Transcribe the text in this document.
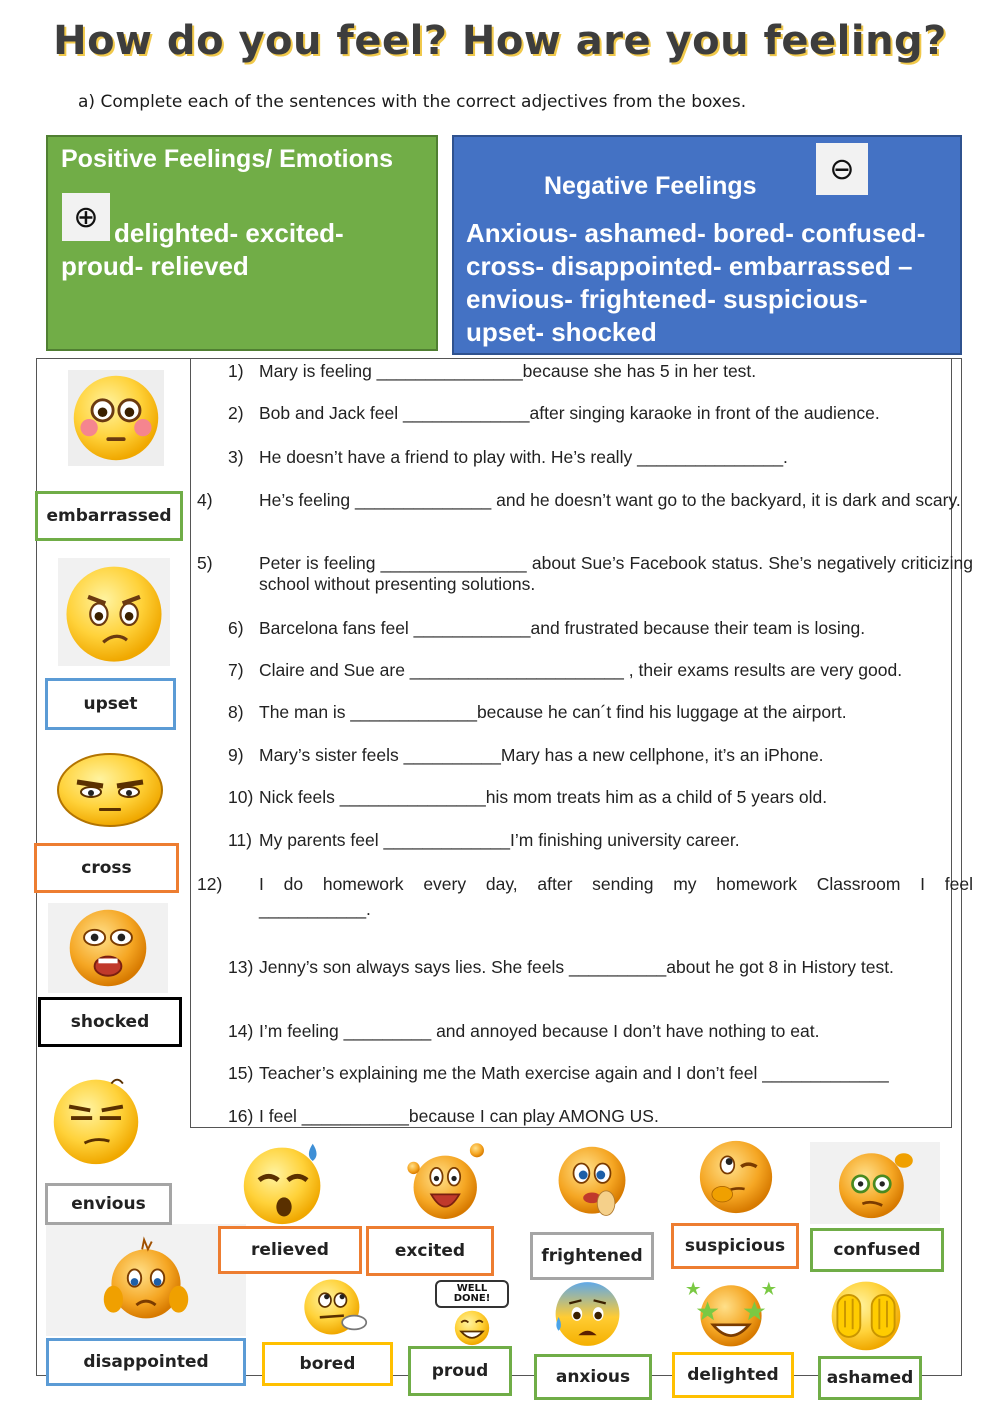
How do you feel? How are you feeling?
a) Complete each of the sentences with the correct adjectives from the boxes.
Positive Feelings/ Emotions
⊕ delighted- excited-
proud- relieved
Negative Feelings	⊖
Anxious- ashamed- bored- confused- cross- disappointed- embarrassed – envious- frightened- suspicious- upset- shocked
1) Mary is feeling _______________because she has 5 in her test.
2) Bob and Jack feel _____________after singing karaoke in front of the audience.
3) He doesn’t have a friend to play with. He’s really _______________.
4)	He’s feeling ______________ and he doesn’t want go to the backyard, it is dark and scary.
5)	Peter is feeling _______________ about Sue’s Facebook status. She’s negatively criticizing school without presenting solutions.
6) Barcelona fans feel ____________and frustrated because their team is losing.
7) Claire and Sue are ______________________ , their exams results are very good.
8) The man is _____________because he can´t find his luggage at the airport.
9) Mary’s sister feels __________Mary has a new cellphone, it’s an iPhone.
10) Nick feels _______________his mom treats him as a child of 5 years old.
11) My parents feel _____________I’m finishing university career.
12) I do homework every day, after sending my homework Classroom I feel ___________.
13) Jenny’s son always says lies. She feels __________about he got 8 in History test.
14) I’m feeling _________ and annoyed because I don’t have nothing to eat.
15) Teacher’s explaining me the Math exercise again and I don’t feel _____________
16) I feel ___________because I can play AMONG US.
WELL DONE!
embarrassed
upset
cross
shocked
envious
relieved	excited	frightened	suspicious	confused
disappointed	bored	proud	anxious	delighted	ashamed
